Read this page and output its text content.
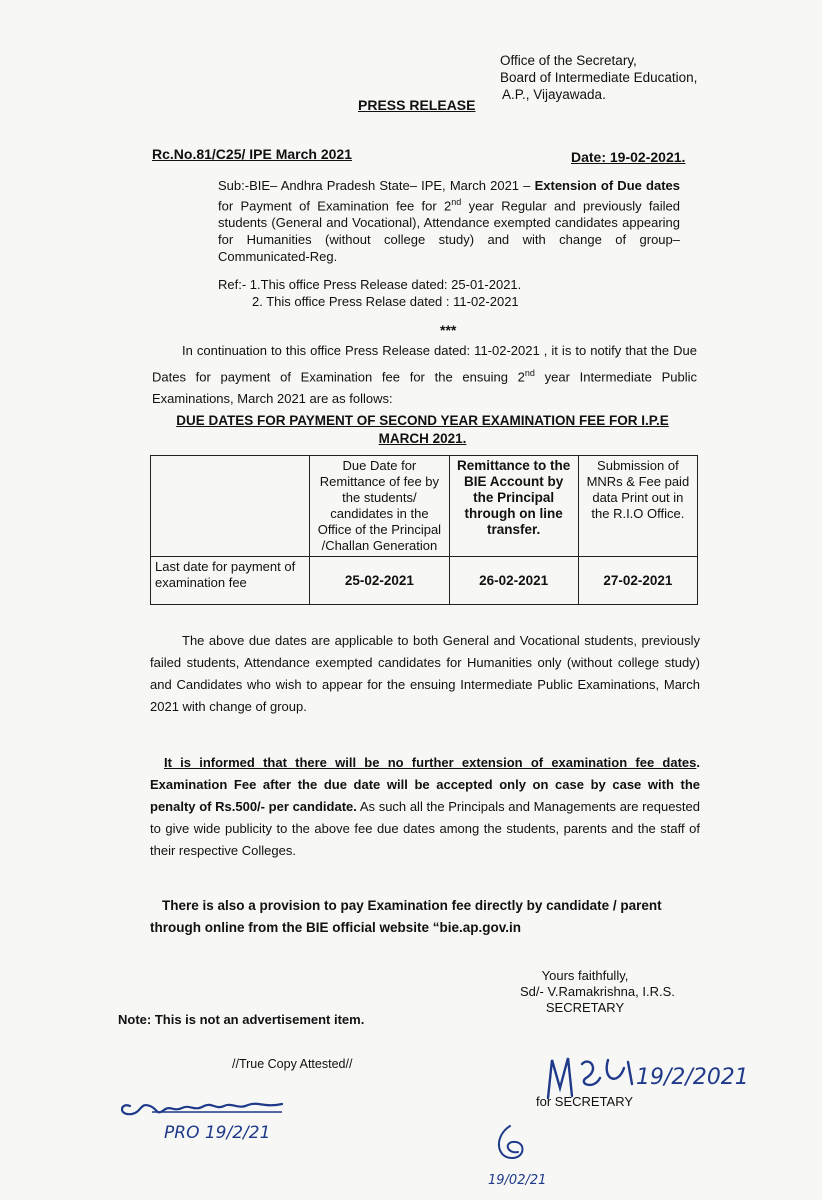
Office of the Secretary,
Board of Intermediate Education,
A.P., Vijayawada.
PRESS RELEASE
Rc.No.81/C25/ IPE March 2021	Date: 19-02-2021.
Sub:-BIE– Andhra Pradesh State– IPE, March 2021 – Extension of Due dates for Payment of Examination fee for 2nd year Regular and previously failed students (General and Vocational), Attendance exempted candidates appearing for Humanities (without college study) and with change of group– Communicated-Reg.
Ref:- 1.This office Press Release dated: 25-01-2021.
2. This office Press Relase dated : 11-02-2021
***
In continuation to this office Press Release dated: 11-02-2021 , it is to notify that the Due Dates for payment of Examination fee for the ensuing 2nd year Intermediate Public Examinations, March 2021 are as follows:
DUE DATES FOR PAYMENT OF SECOND YEAR EXAMINATION FEE FOR I.P.E MARCH 2021.
	Due Date for Remittance of fee by the students/ candidates in the Office of the Principal /Challan Generation	Remittance to the BIE Account by the Principal through on line transfer.	Submission of MNRs & Fee paid data Print out in the R.I.O Office.
Last date for payment of examination fee	25-02-2021	26-02-2021	27-02-2021
The above due dates are applicable to both General and Vocational students, previously failed students, Attendance exempted candidates for Humanities only (without college study) and Candidates who wish to appear for the ensuing Intermediate Public Examinations, March 2021 with change of group.
It is informed that there will be no further extension of examination fee dates. Examination Fee after the due date will be accepted only on case by case with the penalty of Rs.500/- per candidate. As such all the Principals and Managements are requested to give wide publicity to the above fee due dates among the students, parents and the staff of their respective Colleges.
There is also a provision to pay Examination fee directly by candidate / parent through online from the BIE official website “bie.ap.gov.in
Yours faithfully,
Sd/- V.Ramakrishna, I.R.S.
SECRETARY
Note: This is not an advertisement item.
//True Copy Attested//
PRO 19/2/21
19/2/2021
for SECRETARY
19/02/21
